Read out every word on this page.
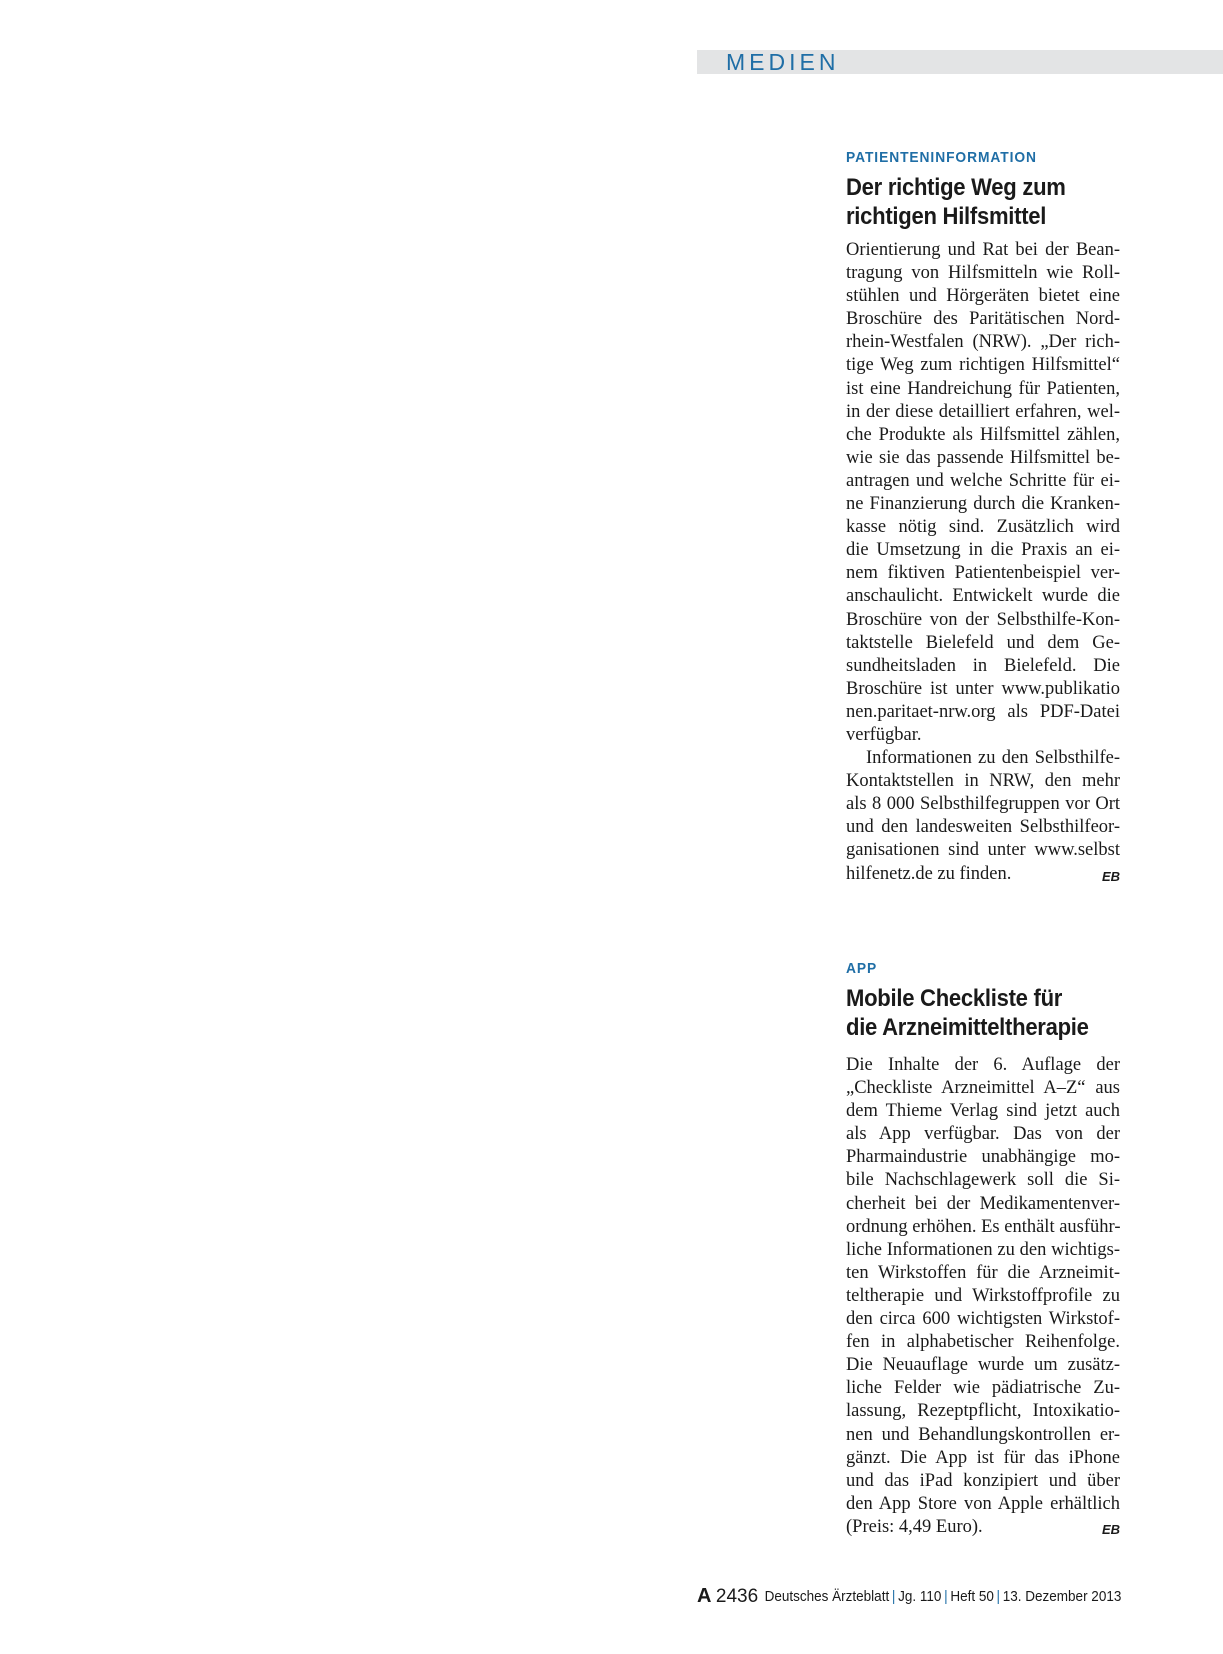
MEDIEN
PATIENTENINFORMATION
Der richtige Weg zum
richtigen Hilfsmittel
Orientierung und Rat bei der Bean-
tragung von Hilfsmitteln wie Roll-
stühlen und Hörgeräten bietet eine
Broschüre des Paritätischen Nord-
rhein-Westfalen (NRW). „Der rich-
tige Weg zum richtigen Hilfsmittel“
ist eine Handreichung für Patienten,
in der diese detailliert erfahren, wel-
che Produkte als Hilfsmittel zählen,
wie sie das passende Hilfsmittel be-
antragen und welche Schritte für ei-
ne Finanzierung durch die Kranken-
kasse nötig sind. Zusätzlich wird
die Umsetzung in die Praxis an ei-
nem fiktiven Patientenbeispiel ver-
anschaulicht. Entwickelt wurde die
Broschüre von der Selbsthilfe-Kon-
taktstelle Bielefeld und dem Ge-
sundheitsladen in Bielefeld. Die
Broschüre ist unter www.publikatio
nen.paritaet-nrw.org als PDF-Datei
verfügbar.
Informationen zu den Selbsthilfe-
Kontaktstellen in NRW, den mehr
als 8 000 Selbsthilfegruppen vor Ort
und den landesweiten Selbsthilfeor-
ganisationen sind unter www.selbst
hilfenetz.de zu finden.	EB
APP
Mobile Checkliste für
die Arzneimitteltherapie
Die Inhalte der 6. Auflage der
„Checkliste Arzneimittel A–Z“ aus
dem Thieme Verlag sind jetzt auch
als App verfügbar. Das von der
Pharmaindustrie unabhängige mo-
bile Nachschlagewerk soll die Si-
cherheit bei der Medikamentenver-
ordnung erhöhen. Es enthält ausführ-
liche Informationen zu den wichtigs-
ten Wirkstoffen für die Arzneimit-
teltherapie und Wirkstoffprofile zu
den circa 600 wichtigsten Wirkstof-
fen in alphabetischer Reihenfolge.
Die Neuauflage wurde um zusätz-
liche Felder wie pädiatrische Zu-
lassung, Rezeptpflicht, Intoxikatio-
nen und Behandlungskontrollen er-
gänzt. Die App ist für das iPhone
und das iPad konzipiert und über
den App Store von Apple erhältlich
(Preis: 4,49 Euro).	EB
A 2436 Deutsches Ärzteblatt | Jg. 110 | Heft 50 | 13. Dezember 2013
